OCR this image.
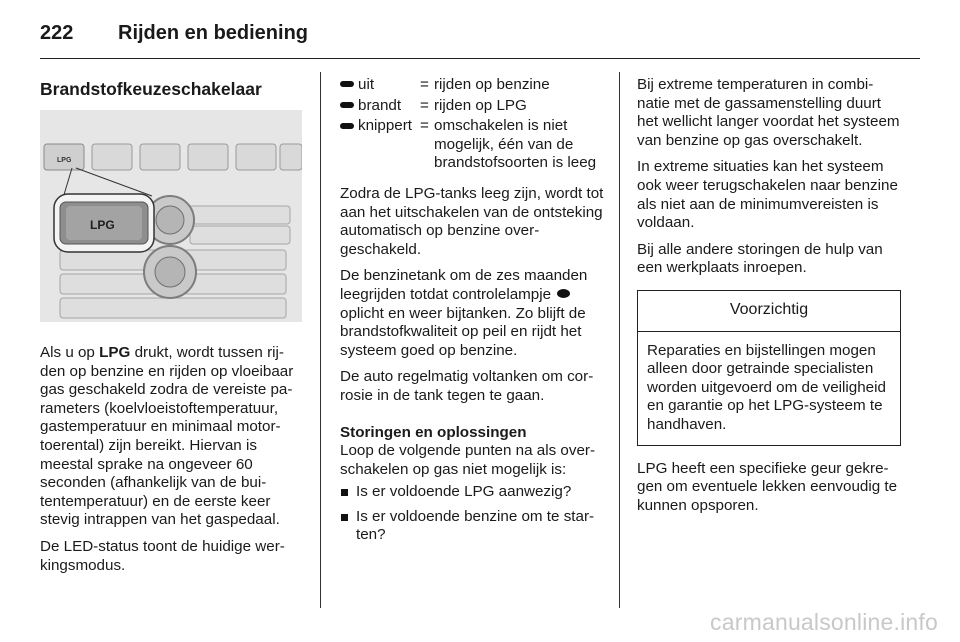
222 Rijden en bediening
Brandstofkeuzeschakelaar
LPG
LPG

Als u op LPG drukt, wordt tussen rijden op benzine en rijden op vloeibaar gas geschakeld zodra de vereiste parameters (koelvloeistoftemperatuur, gastemperatuur en minimaal motortoerental) zijn bereikt. Hiervan is meestal sprake na ongeveer 60 seconden (afhankelijk van de buitentemperatuur) en de eerste keer stevig intrappen van het gaspedaal.

De LED-status toont de huidige werkingsmodus.

uit	=	rijden op benzine
brandt	=	rijden op LPG
knippert	=	omschakelen is niet mogelijk, één van de brandstofsoorten is leeg

Zodra de LPG-tanks leeg zijn, wordt tot aan het uitschakelen van de ontsteking automatisch op benzine overgeschakeld.

De benzinetank om de zes maanden leegrijden totdat controlelampje  oplicht en weer bijtanken. Zo blijft de brandstofkwaliteit op peil en rijdt het systeem goed op benzine.

De auto regelmatig voltanken om corrosie in de tank tegen te gaan.

Storingen en oplossingen

Loop de volgende punten na als overschakelen op gas niet mogelijk is:

Is er voldoende LPG aanwezig?
Is er voldoende benzine om te starten?

Bij extreme temperaturen in combinatie met de gassamenstelling duurt het wellicht langer voordat het systeem van benzine op gas overschakelt.

In extreme situaties kan het systeem ook weer terugschakelen naar benzine als niet aan de minimumvereisten is voldaan.

Bij alle andere storingen de hulp van een werkplaats inroepen.

Voorzichtig
Reparaties en bijstellingen mogen alleen door getrainde specialisten worden uitgevoerd om de veiligheid en garantie op het LPG-systeem te handhaven.

LPG heeft een specifieke geur gekregen om eventuele lekken eenvoudig te kunnen opsporen.

carmanualsonline.info
